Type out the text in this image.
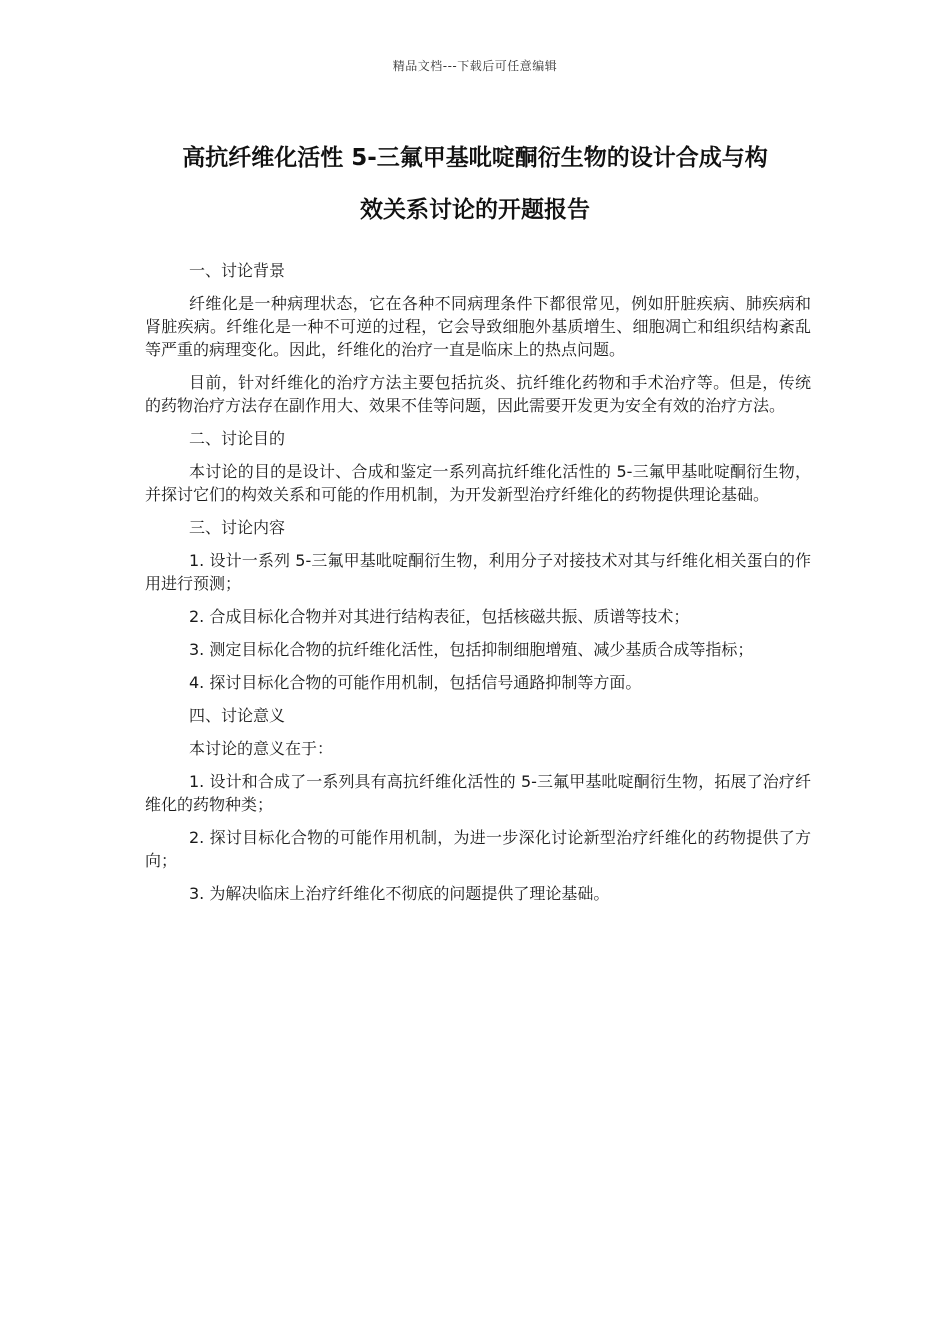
精品文档---下载后可任意编辑
高抗纤维化活性 5-三氟甲基吡啶酮衍生物的设计合成与构
效关系讨论的开题报告

一、讨论背景

纤维化是一种病理状态，它在各种不同病理条件下都很常见，例如肝脏疾病、肺疾病和肾脏疾病。纤维化是一种不可逆的过程，它会导致细胞外基质增生、细胞凋亡和组织结构紊乱等严重的病理变化。因此，纤维化的治疗一直是临床上的热点问题。

目前，针对纤维化的治疗方法主要包括抗炎、抗纤维化药物和手术治疗等。但是，传统的药物治疗方法存在副作用大、效果不佳等问题，因此需要开发更为安全有效的治疗方法。

二、讨论目的

本讨论的目的是设计、合成和鉴定一系列高抗纤维化活性的 5-三氟甲基吡啶酮衍生物，并探讨它们的构效关系和可能的作用机制，为开发新型治疗纤维化的药物提供理论基础。

三、讨论内容

1. 设计一系列 5-三氟甲基吡啶酮衍生物，利用分子对接技术对其与纤维化相关蛋白的作用进行预测；

2. 合成目标化合物并对其进行结构表征，包括核磁共振、质谱等技术；

3. 测定目标化合物的抗纤维化活性，包括抑制细胞增殖、减少基质合成等指标；

4. 探讨目标化合物的可能作用机制，包括信号通路抑制等方面。

四、讨论意义

本讨论的意义在于：

1. 设计和合成了一系列具有高抗纤维化活性的 5-三氟甲基吡啶酮衍生物，拓展了治疗纤维化的药物种类；

2. 探讨目标化合物的可能作用机制，为进一步深化讨论新型治疗纤维化的药物提供了方向；

3. 为解决临床上治疗纤维化不彻底的问题提供了理论基础。
